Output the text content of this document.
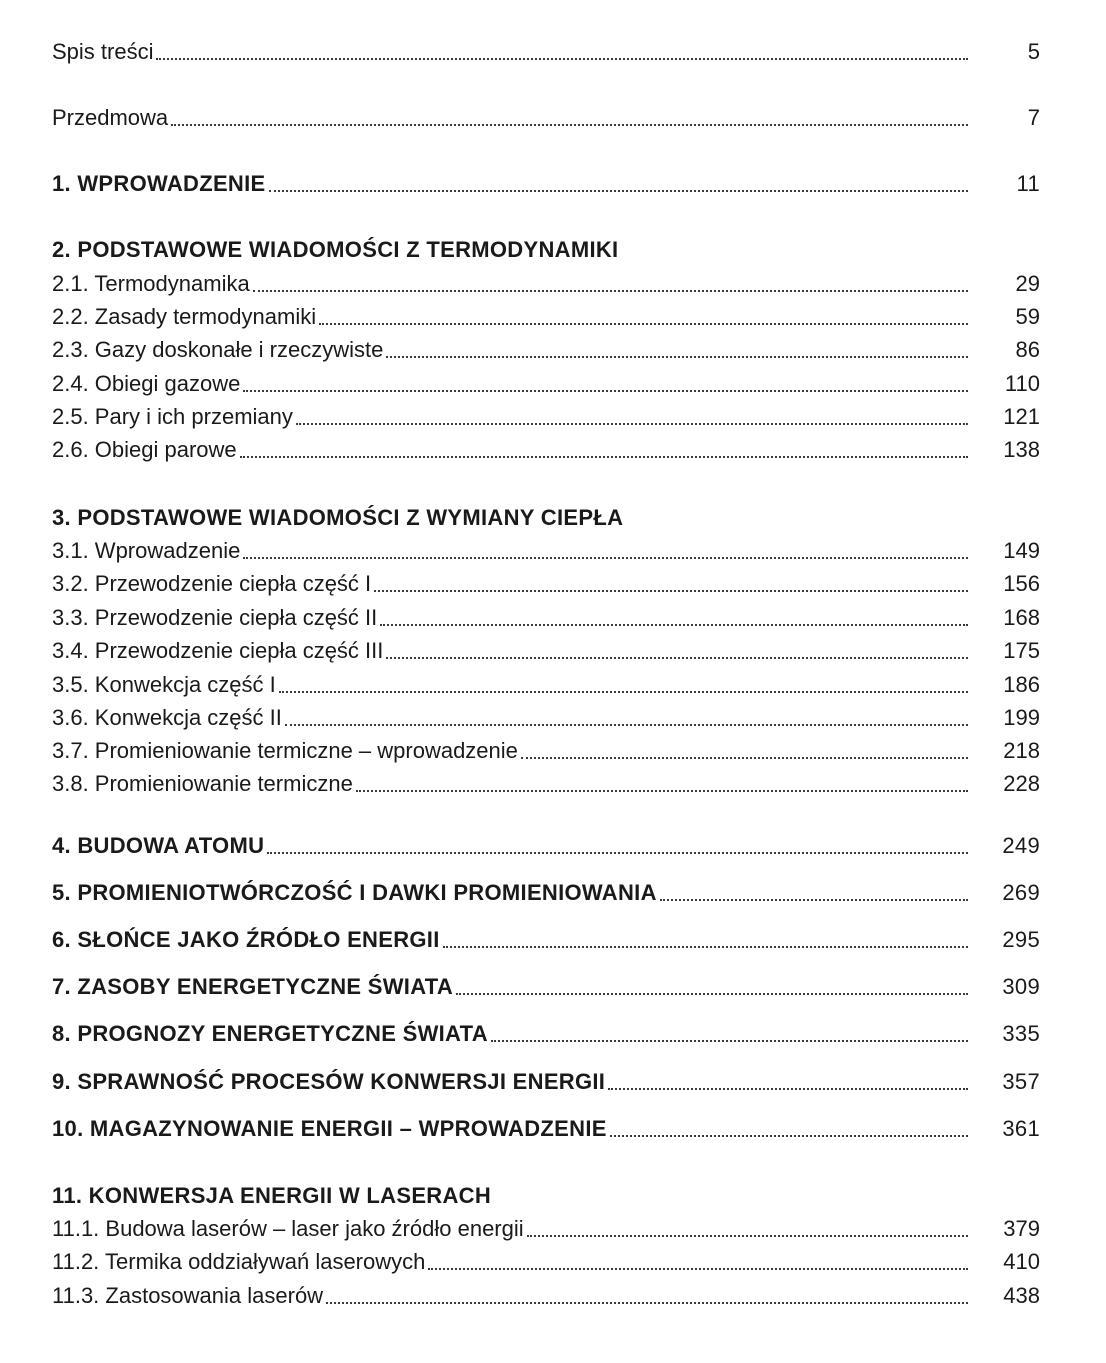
Spis treści	5
Przedmowa	7
1. WPROWADZENIE	11
2. PODSTAWOWE WIADOMOŚCI Z TERMODYNAMIKI
2.1. Termodynamika	29
2.2. Zasady termodynamiki	59
2.3. Gazy doskonałe i rzeczywiste	86
2.4. Obiegi gazowe	110
2.5. Pary i ich przemiany	121
2.6. Obiegi parowe	138
3. PODSTAWOWE WIADOMOŚCI Z WYMIANY CIEPŁA
3.1. Wprowadzenie	149
3.2. Przewodzenie ciepła część I	156
3.3. Przewodzenie ciepła część II	168
3.4. Przewodzenie ciepła część III	175
3.5. Konwekcja część I	186
3.6. Konwekcja część II	199
3.7. Promieniowanie termiczne – wprowadzenie	218
3.8. Promieniowanie termiczne	228
4. BUDOWA ATOMU	249
5. PROMIENIOTWÓRCZOŚĆ I DAWKI PROMIENIOWANIA	269
6. SŁOŃCE JAKO ŹRÓDŁO ENERGII	295
7. ZASOBY ENERGETYCZNE ŚWIATA	309
8. PROGNOZY ENERGETYCZNE ŚWIATA	335
9. SPRAWNOŚĆ PROCESÓW KONWERSJI ENERGII	357
10. MAGAZYNOWANIE ENERGII – WPROWADZENIE	361
11. KONWERSJA ENERGII W LASERACH
11.1. Budowa laserów – laser jako źródło energii	379
11.2. Termika oddziaływań laserowych	410
11.3. Zastosowania laserów	438
